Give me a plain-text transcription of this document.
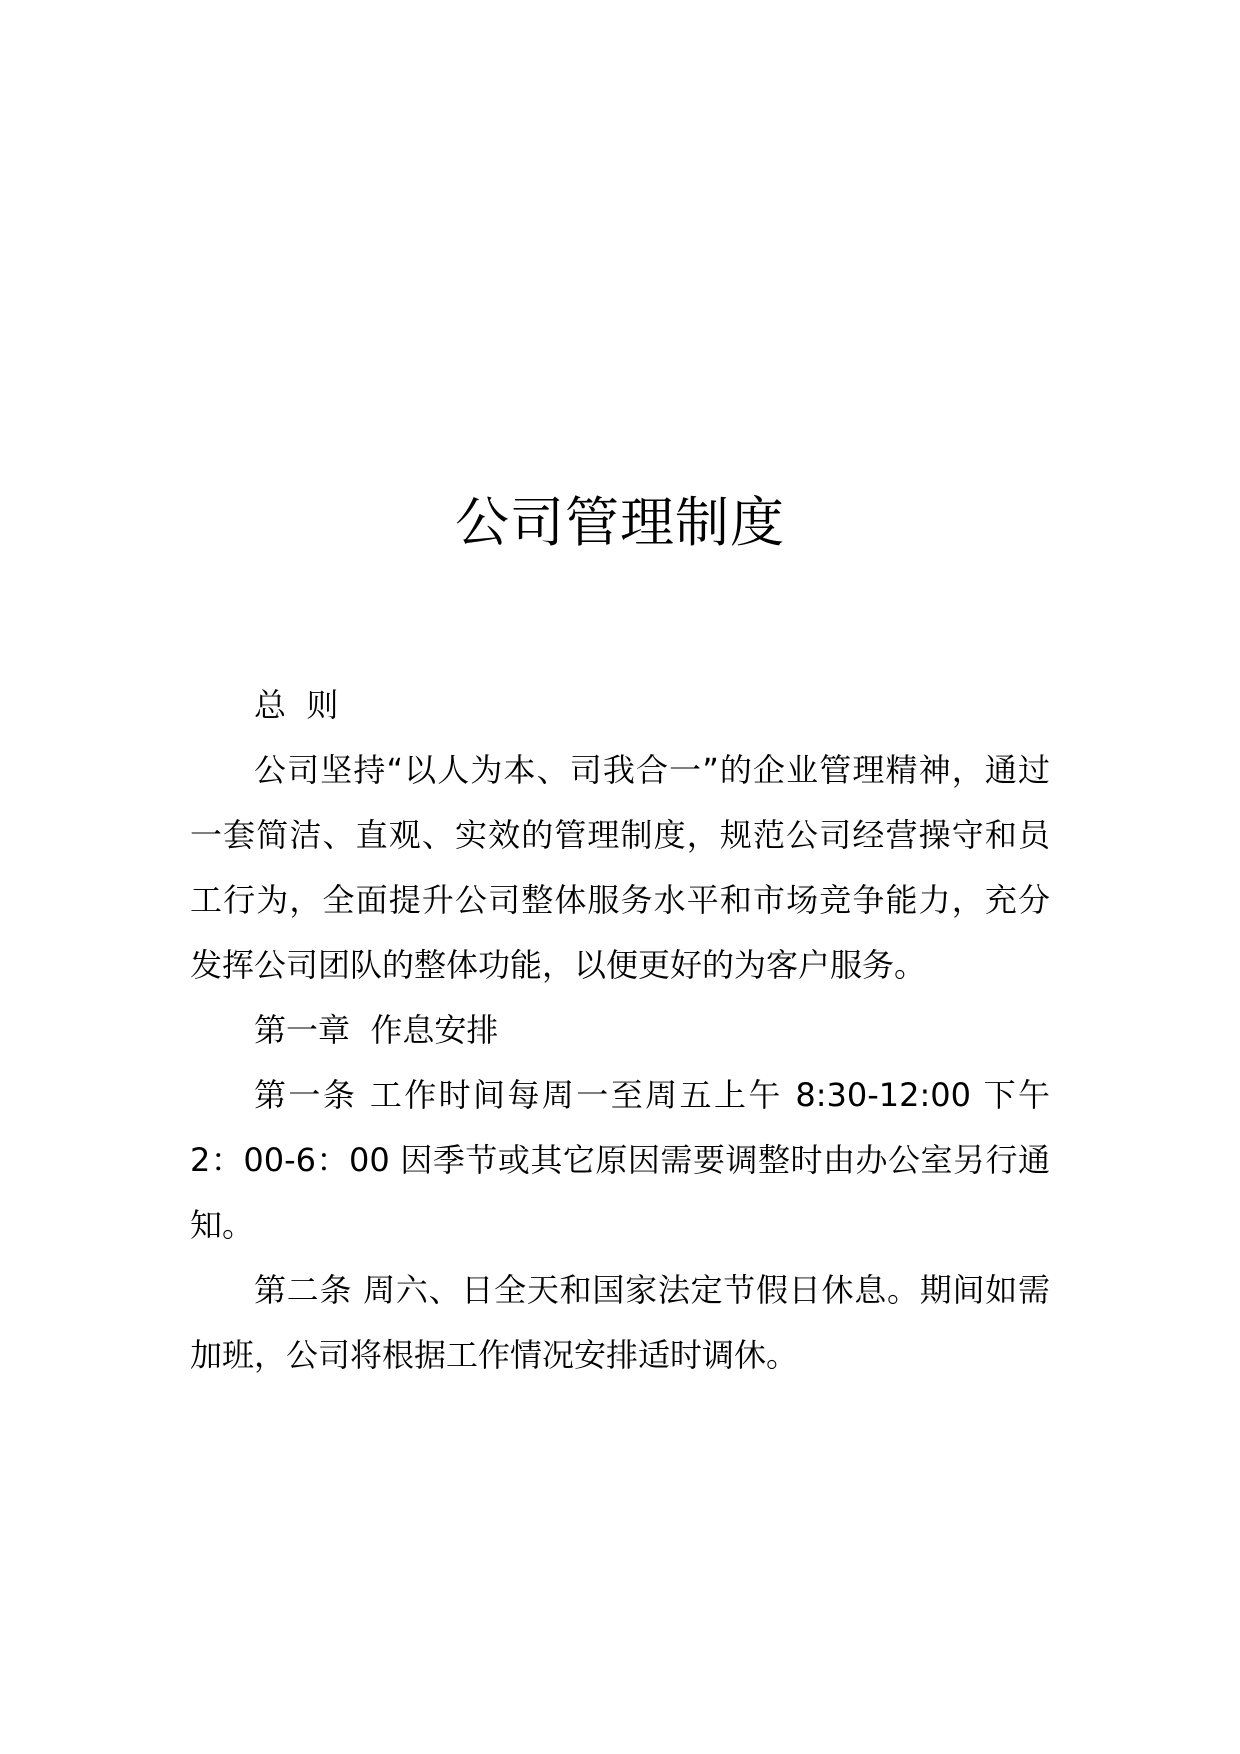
公司管理制度

总  则

公司坚持“以人为本、司我合一”的企业管理精神，通过一套简洁、直观、实效的管理制度，规范公司经营操守和员工行为，全面提升公司整体服务水平和市场竞争能力，充分发挥公司团队的整体功能，以便更好的为客户服务。

第一章  作息安排

第一条 工作时间每周一至周五上午 8:30-12:00 下午 2：00-6：00 因季节或其它原因需要调整时由办公室另行通知。

第二条 周六、日全天和国家法定节假日休息。期间如需加班，公司将根据工作情况安排适时调休。
